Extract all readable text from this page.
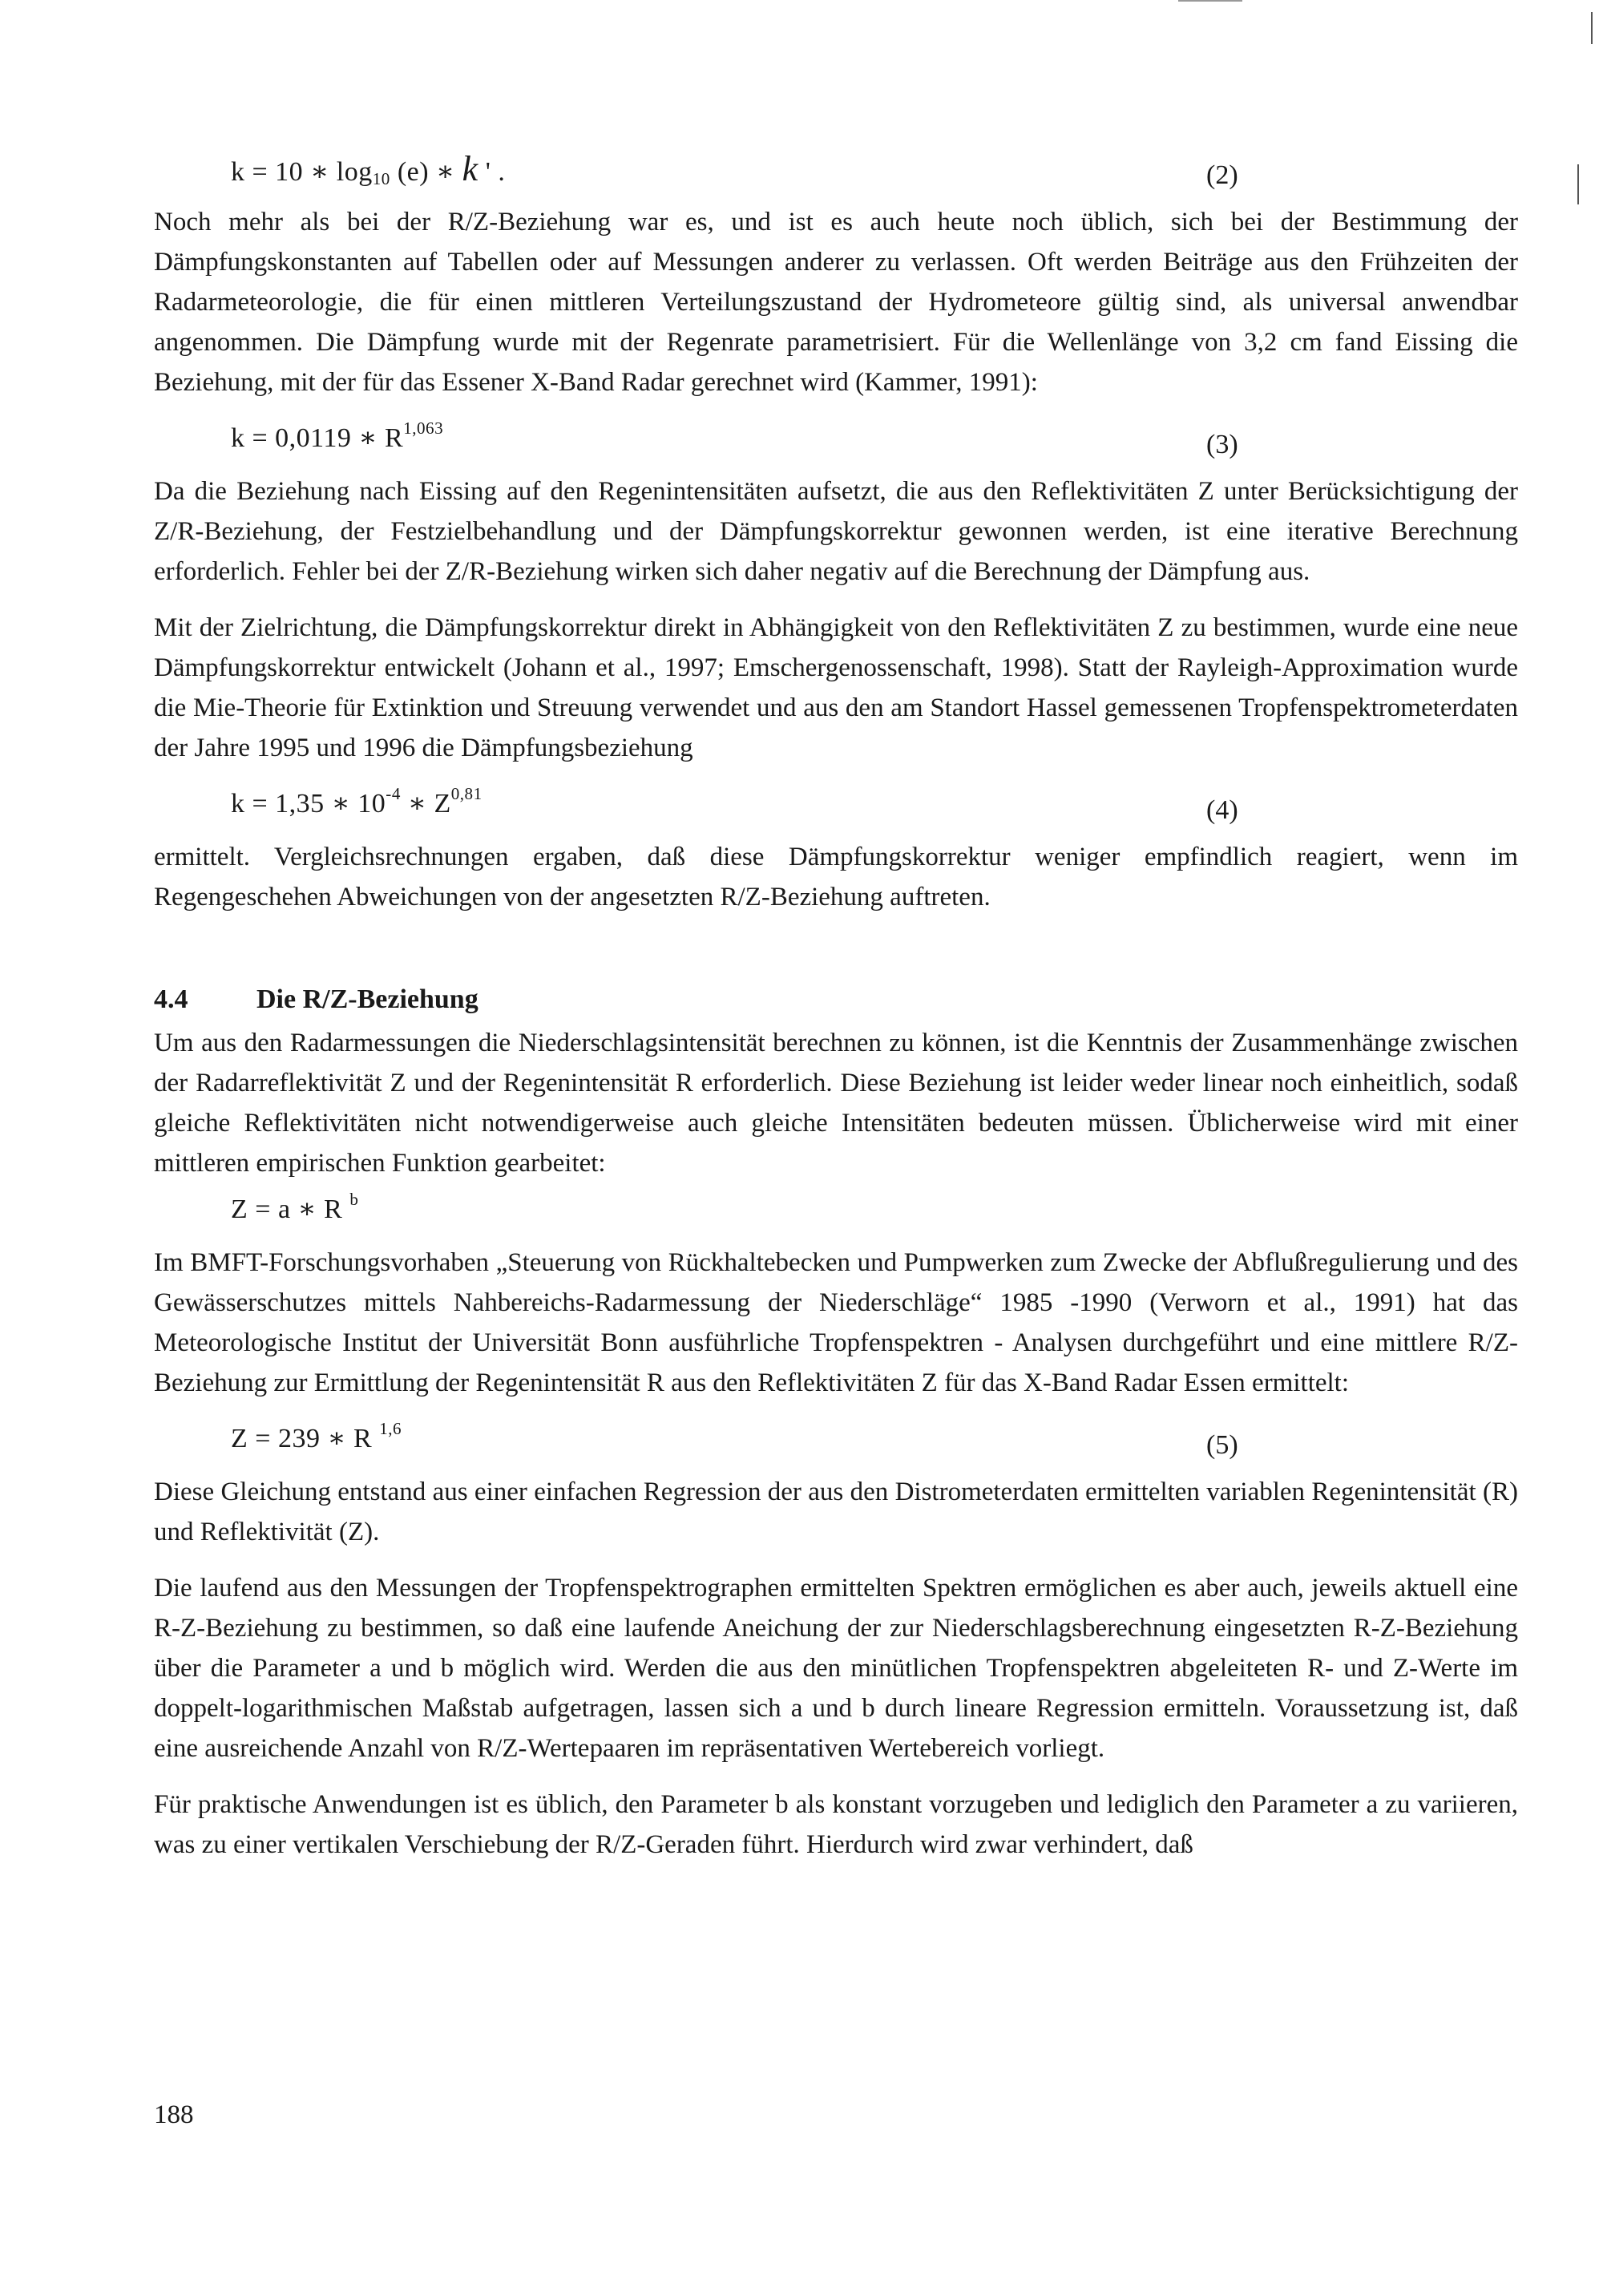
k = 10 ∗ $\log_{10} (e)$ ∗ k ' .	(2)

Noch mehr als bei der R/Z-Beziehung war es, und ist es auch heute noch üblich, sich bei der Bestimmung der Dämpfungskonstanten auf Tabellen oder auf Messungen anderer zu verlassen. Oft werden Beiträge aus den Frühzeiten der Radarmeteorologie, die für einen mittleren Verteilungszustand der Hydrometeore gültig sind, als universal anwendbar angenommen. Die Dämpfung wurde mit der Regenrate parametrisiert. Für die Wellenlänge von 3,2 cm fand Eissing die Beziehung, mit der für das Essener X-Band Radar gerechnet wird (Kammer, 1991):

k = 0,0119 ∗ R$^{1,063}$
(3)

Da die Beziehung nach Eissing auf den Regenintensitäten aufsetzt, die aus den Reflektivitäten Z unter Berücksichtigung der Z/R-Beziehung, der Festzielbehandlung und der Dämpfungskorrektur gewonnen werden, ist eine iterative Berechnung erforderlich. Fehler bei der Z/R-Beziehung wirken sich daher negativ auf die Berechnung der Dämpfung aus.

Mit der Zielrichtung, die Dämpfungskorrektur direkt in Abhängigkeit von den Reflektivitäten Z zu bestimmen, wurde eine neue Dämpfungskorrektur entwickelt (Johann et al., 1997; Emschergenossenschaft, 1998). Statt der Rayleigh-Approximation wurde die Mie-Theorie für Extinktion und Streuung verwendet und aus den am Standort Hassel gemessenen Tropfenspektrometerdaten der Jahre 1995 und 1996 die Dämpfungsbeziehung

k = 1,35 ∗ $10^{-4}$ ∗ Z$^{0,81}$
(4)

ermittelt. Vergleichsrechnungen ergaben, daß diese Dämpfungskorrektur weniger empfindlich reagiert, wenn im Regengeschehen Abweichungen von der angesetzten R/Z-Beziehung auftreten.

4.4	Die R/Z-Beziehung

Um aus den Radarmessungen die Niederschlagsintensität berechnen zu können, ist die Kenntnis der Zusammenhänge zwischen der Radarreflektivität Z und der Regenintensität R erforderlich. Diese Beziehung ist leider weder linear noch einheitlich, sodaß gleiche Reflektivitäten nicht notwendigerweise auch gleiche Intensitäten bedeuten müssen. Üblicherweise wird mit einer mittleren empirischen Funktion gearbeitet:

Z = a ∗ R $^b$

Im BMFT-Forschungsvorhaben „Steuerung von Rückhaltebecken und Pumpwerken zum Zwecke der Abflußregulierung und des Gewässerschutzes mittels Nahbereichs-Radarmessung der Niederschläge“ 1985 -1990 (Verworn et al., 1991) hat das Meteorologische Institut der Universität Bonn ausführliche Tropfenspektren - Analysen durchgeführt und eine mittlere R/Z-Beziehung zur Ermittlung der Regenintensität R aus den Reflektivitäten Z für das X-Band Radar Essen ermittelt:

Z = 239 ∗ R $^{1,6}$
(5)

Diese Gleichung entstand aus einer einfachen Regression der aus den Distrometerdaten ermittelten variablen Regenintensität (R) und Reflektivität (Z).

Die laufend aus den Messungen der Tropfenspektrographen ermittelten Spektren ermöglichen es aber auch, jeweils aktuell eine R-Z-Beziehung zu bestimmen, so daß eine laufende Aneichung der zur Niederschlagsberechnung eingesetzten R-Z-Beziehung über die Parameter a und b möglich wird. Werden die aus den minütlichen Tropfenspektren abgeleiteten R- und Z-Werte im doppelt-logarithmischen Maßstab aufgetragen, lassen sich a und b durch lineare Regression ermitteln. Voraussetzung ist, daß eine ausreichende Anzahl von R/Z-Wertepaaren im repräsentativen Wertebereich vorliegt.

Für praktische Anwendungen ist es üblich, den Parameter b als konstant vorzugeben und lediglich den Parameter a zu variieren, was zu einer vertikalen Verschiebung der R/Z-Geraden führt. Hierdurch wird zwar verhindert, daß

188
